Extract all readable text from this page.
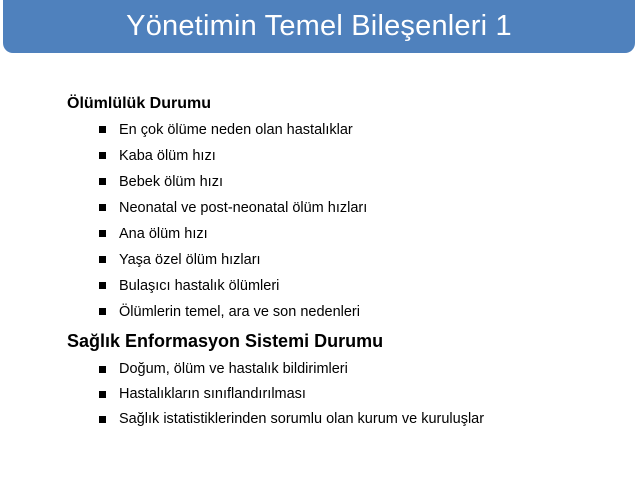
Yönetimin Temel Bileşenleri 1
Ölümlülük Durumu
En çok ölüme neden olan hastalıklar
Kaba ölüm hızı
Bebek ölüm hızı
Neonatal ve post-neonatal ölüm hızları
Ana ölüm hızı
Yaşa özel ölüm hızları
Bulaşıcı hastalık ölümleri
Ölümlerin temel, ara ve son nedenleri
Sağlık Enformasyon Sistemi Durumu
Doğum, ölüm ve hastalık bildirimleri
Hastalıkların sınıflandırılması
Sağlık istatistiklerinden sorumlu olan kurum ve kuruluşlar
